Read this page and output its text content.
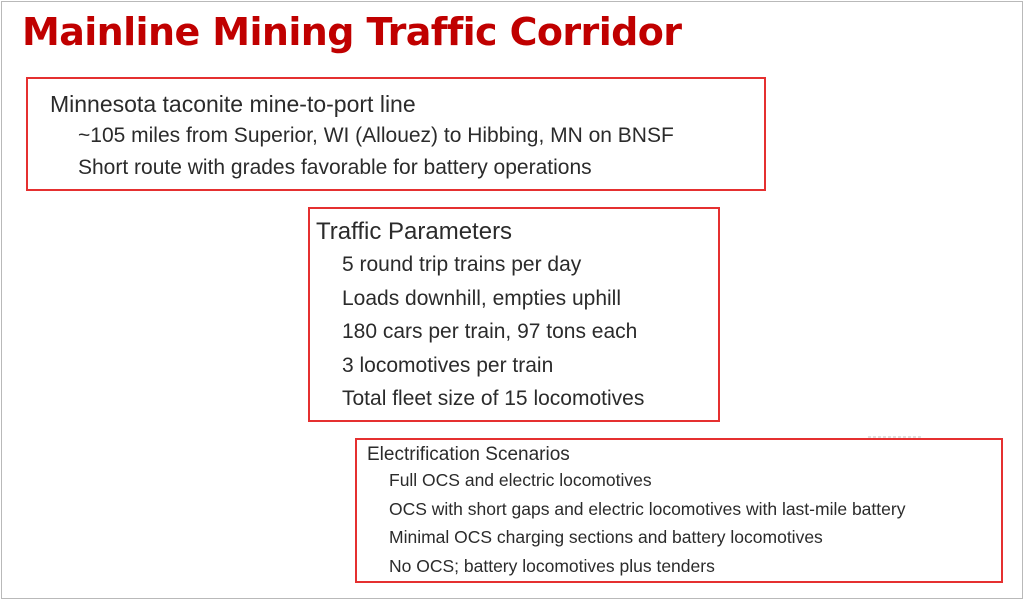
Mainline Mining Traffic Corridor
Minnesota taconite mine-to-port line
~105 miles from Superior, WI (Allouez) to Hibbing, MN on BNSF
Short route with grades favorable for battery operations
Traffic Parameters
5 round trip trains per day
Loads downhill, empties uphill
180 cars per train, 97 tons each
3 locomotives per train
Total fleet size of 15 locomotives
Electrification Scenarios
Full OCS and electric locomotives
OCS with short gaps and electric locomotives with last-mile battery
Minimal OCS charging sections and battery locomotives
No OCS; battery locomotives plus tenders
